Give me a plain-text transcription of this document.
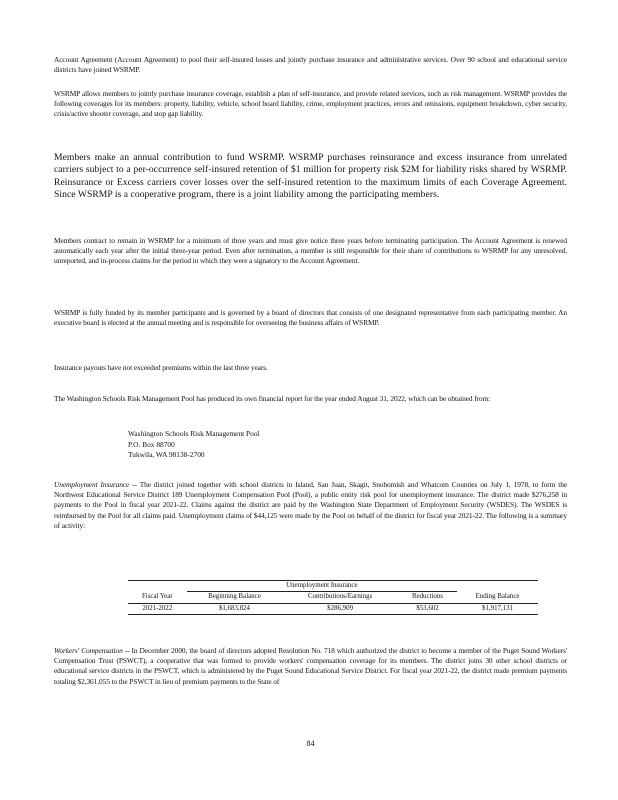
Account Agreement (Account Agreement) to pool their self-insured losses and jointly purchase insurance and administrative services. Over 90 school and educational service districts have joined WSRMP.

WSRMP allows members to jointly purchase insurance coverage, establish a plan of self-insurance, and provide related services, such as risk management. WSRMP provides the following coverages for its members: property, liability, vehicle, school board liability, crime, employment practices, errors and omissions, equipment breakdown, cyber security, crisis/active shooter coverage, and stop gap liability.

Members make an annual contribution to fund WSRMP. WSRMP purchases reinsurance and excess insurance from unrelated carriers subject to a per-occurrence self-insured retention of $1 million for property risk $2M for liability risks shared by WSRMP. Reinsurance or Excess carriers cover losses over the self-insured retention to the maximum limits of each Coverage Agreement. Since WSRMP is a cooperative program, there is a joint liability among the participating members.

Members contract to remain in WSRMP for a minimum of three years and must give notice three years before terminating participation. The Account Agreement is renewed automatically each year after the initial three-year period. Even after termination, a member is still responsible for their share of contributions to WSRMP for any unresolved, unreported, and in-process claims for the period in which they were a signatory to the Account Agreement.

WSRMP is fully funded by its member participants and is governed by a board of directors that consists of one designated representative from each participating member. An executive board is elected at the annual meeting and is responsible for overseeing the business affairs of WSRMP.

Insurance payouts have not exceeded premiums within the last three years.

The Washington Schools Risk Management Pool has produced its own financial report for the year ended August 31, 2022, which can be obtained from:

Washington Schools Risk Management Pool
P.O. Box 88700
Tukwila, WA 98138-2700

Unemployment Insurance -- The district joined together with school districts in Island, San Juan, Skagit, Snohomish and Whatcom Counties on July 1, 1978, to form the Northwest Educational Service District 189 Unemployment Compensation Pool (Pool), a public entity risk pool for unemployment insurance. The district made $276,258 in payments to the Pool in fiscal year 2021-22. Claims against the district are paid by the Washington State Department of Employment Security (WSDES). The WSDES is reimbursed by the Pool for all claims paid. Unemployment claims of $44,125 were made by the Pool on behalf of the district for fiscal year 2021-22. The following is a summary of activity:

	Unemployment Insurance			
Fiscal Year	Beginning Balance	Contributions/Earnings	Reductions	Ending Balance
2021-2022	$1,683,824	$286,909	$53,602	$1,917,131

Workers' Compensation -- In December 2000, the board of directors adopted Resolution No. 718 which authorized the district to become a member of the Puget Sound Workers' Compensation Trust (PSWCT), a cooperative that was formed to provide workers' compensation coverage for its members. The district joins 30 other school districts or educational service districts in the PSWCT, which is administered by the Puget Sound Educational Service District. For fiscal year 2021-22, the district made premium payments totaling $2,361,055 to the PSWCT in lieu of premium payments to the State of

84
